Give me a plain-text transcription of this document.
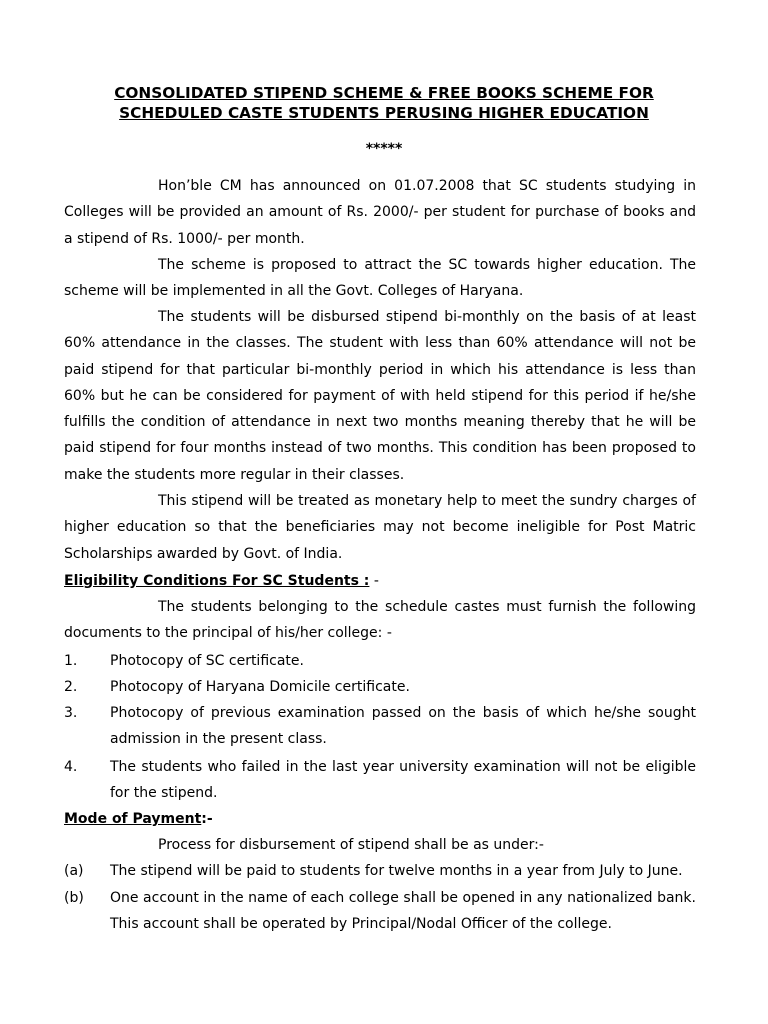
CONSOLIDATED STIPEND SCHEME & FREE BOOKS SCHEME FOR
SCHEDULED CASTE STUDENTS PERUSING HIGHER EDUCATION
*****
Hon’ble CM has announced on 01.07.2008 that SC students studying in Colleges will be provided an amount of Rs. 2000/- per student for purchase of books and a stipend of Rs. 1000/- per month.
The scheme is proposed to attract the SC towards higher education. The scheme will be implemented in all the Govt. Colleges of Haryana.
The students will be disbursed stipend bi-monthly on the basis of at least 60% attendance in the classes. The student with less than 60% attendance will not be paid stipend for that particular bi-monthly period in which his attendance is less than 60% but he can be considered for payment of with held stipend for this period if he/she fulfills the condition of attendance in next two months meaning thereby that he will be paid stipend for four months instead of two months. This condition has been proposed to make the students more regular in their classes.
This stipend will be treated as monetary help to meet the sundry charges of higher education so that the beneficiaries may not become ineligible for Post Matric Scholarships awarded by Govt. of India.
Eligibility Conditions For SC Students : -
The students belonging to the schedule castes must furnish the following documents to the principal of his/her college: -
1.	Photocopy of SC certificate.
2.	Photocopy of Haryana Domicile certificate.
3.	Photocopy of previous examination passed on the basis of which he/she sought admission in the present class.
4.	The students who failed in the last year university examination will not be eligible for the stipend.
Mode of Payment:-
Process for disbursement of stipend shall be as under:-
(a)	The stipend will be paid to students for twelve months in a year from July to June.
(b)	One account in the name of each college shall be opened in any nationalized bank. This account shall be operated by Principal/Nodal Officer of the college.
